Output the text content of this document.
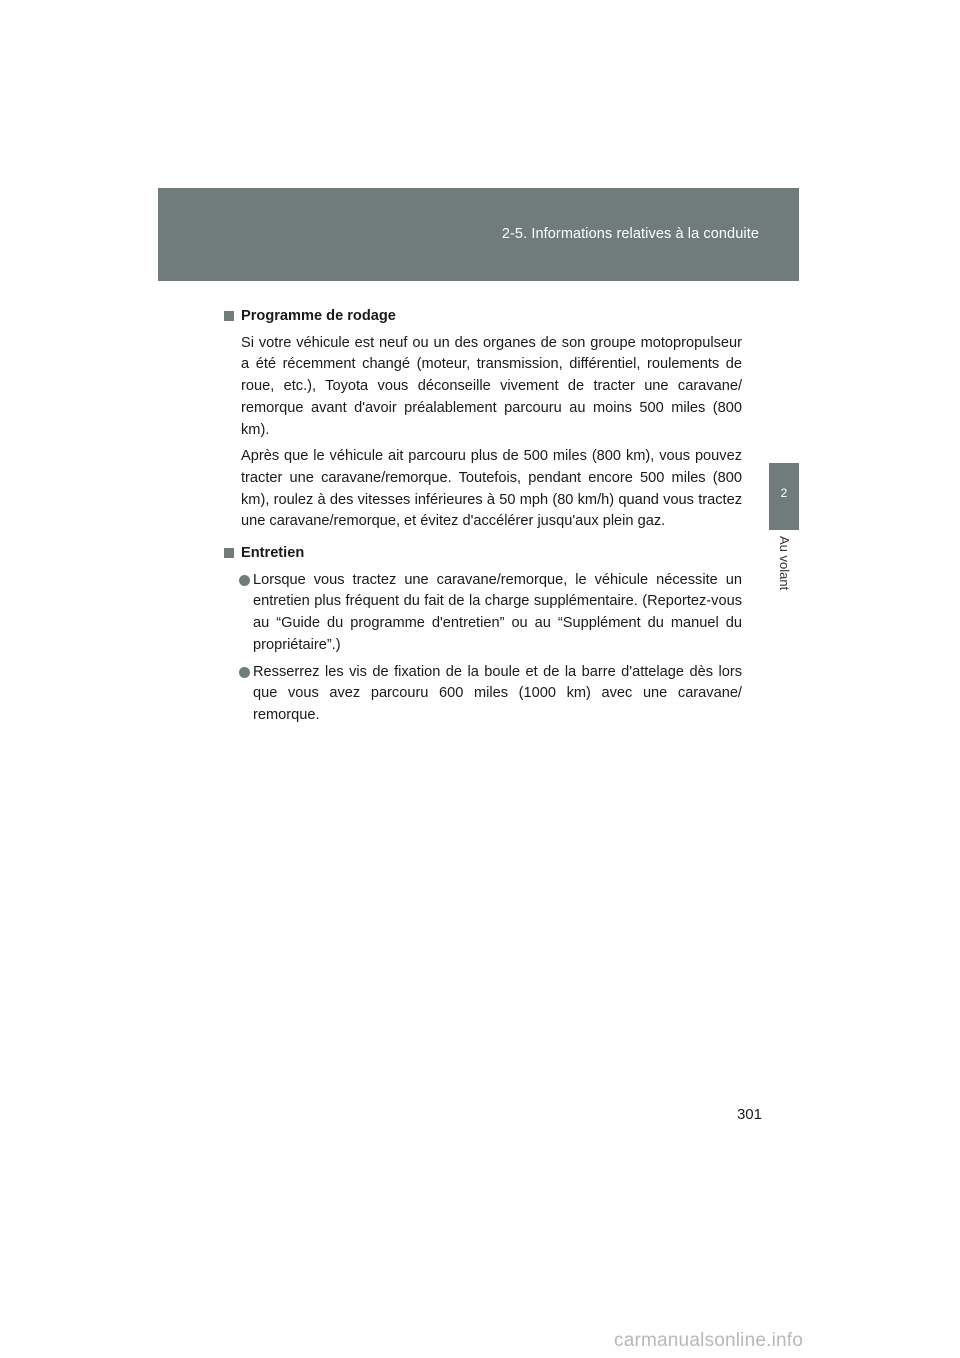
2-5. Informations relatives à la conduite
2
Au volant
Programme de rodage

Si votre véhicule est neuf ou un des organes de son groupe motopropulseur a été récemment changé (moteur, transmission, différentiel, roulements de roue, etc.), Toyota vous déconseille vivement de tracter une caravane/ remorque avant d'avoir préalablement parcouru au moins 500 miles (800 km).

Après que le véhicule ait parcouru plus de 500 miles (800 km), vous pouvez tracter une caravane/remorque. Toutefois, pendant encore 500 miles (800 km), roulez à des vitesses inférieures à 50 mph (80 km/h) quand vous tractez une caravane/remorque, et évitez d'accélérer jusqu'aux plein gaz.

Entretien
Lorsque vous tractez une caravane/remorque, le véhicule nécessite un entretien plus fréquent du fait de la charge supplémentaire. (Reportez-vous au “Guide du programme d'entretien” ou au “Supplément du manuel du propriétaire”.)
Resserrez les vis de fixation de la boule et de la barre d'attelage dès lors que vous avez parcouru 600 miles (1000 km) avec une caravane/ remorque.
301
carmanualsonline.info
